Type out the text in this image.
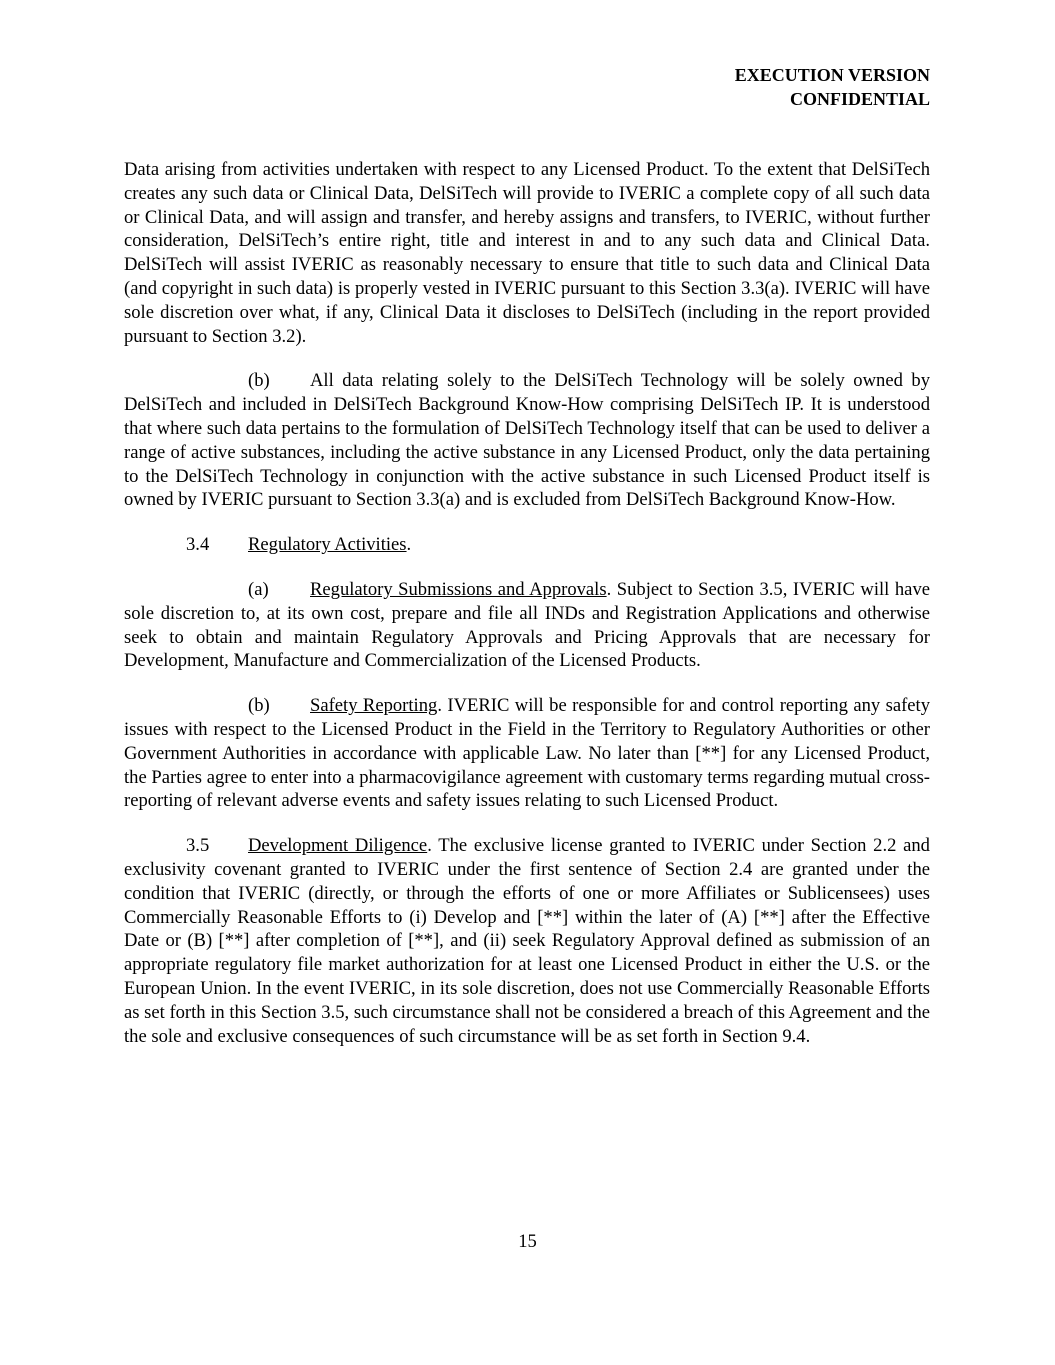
EXECUTION VERSION
CONFIDENTIAL

Data arising from activities undertaken with respect to any Licensed Product. To the extent that DelSiTech creates any such data or Clinical Data, DelSiTech will provide to IVERIC a complete copy of all such data or Clinical Data, and will assign and transfer, and hereby assigns and transfers, to IVERIC, without further consideration, DelSiTech’s entire right, title and interest in and to any such data and Clinical Data. DelSiTech will assist IVERIC as reasonably necessary to ensure that title to such data and Clinical Data (and copyright in such data) is properly vested in IVERIC pursuant to this Section 3.3(a). IVERIC will have sole discretion over what, if any, Clinical Data it discloses to DelSiTech (including in the report provided pursuant to Section 3.2).

(b) All data relating solely to the DelSiTech Technology will be solely owned by DelSiTech and included in DelSiTech Background Know-How comprising DelSiTech IP. It is understood that where such data pertains to the formulation of DelSiTech Technology itself that can be used to deliver a range of active substances, including the active substance in any Licensed Product, only the data pertaining to the DelSiTech Technology in conjunction with the active substance in such Licensed Product itself is owned by IVERIC pursuant to Section 3.3(a) and is excluded from DelSiTech Background Know-How.

3.4 Regulatory Activities.

(a) Regulatory Submissions and Approvals. Subject to Section 3.5, IVERIC will have sole discretion to, at its own cost, prepare and file all INDs and Registration Applications and otherwise seek to obtain and maintain Regulatory Approvals and Pricing Approvals that are necessary for Development, Manufacture and Commercialization of the Licensed Products.

(b) Safety Reporting. IVERIC will be responsible for and control reporting any safety issues with respect to the Licensed Product in the Field in the Territory to Regulatory Authorities or other Government Authorities in accordance with applicable Law. No later than [**] for any Licensed Product, the Parties agree to enter into a pharmacovigilance agreement with customary terms regarding mutual cross-reporting of relevant adverse events and safety issues relating to such Licensed Product.

3.5 Development Diligence. The exclusive license granted to IVERIC under Section 2.2 and exclusivity covenant granted to IVERIC under the first sentence of Section 2.4 are granted under the condition that IVERIC (directly, or through the efforts of one or more Affiliates or Sublicensees) uses Commercially Reasonable Efforts to (i) Develop and [**] within the later of (A) [**] after the Effective Date or (B) [**] after completion of [**], and (ii) seek Regulatory Approval defined as submission of an appropriate regulatory file market authorization for at least one Licensed Product in either the U.S. or the European Union. In the event IVERIC, in its sole discretion, does not use Commercially Reasonable Efforts as set forth in this Section 3.5, such circumstance shall not be considered a breach of this Agreement and the the sole and exclusive consequences of such circumstance will be as set forth in Section 9.4.

15
